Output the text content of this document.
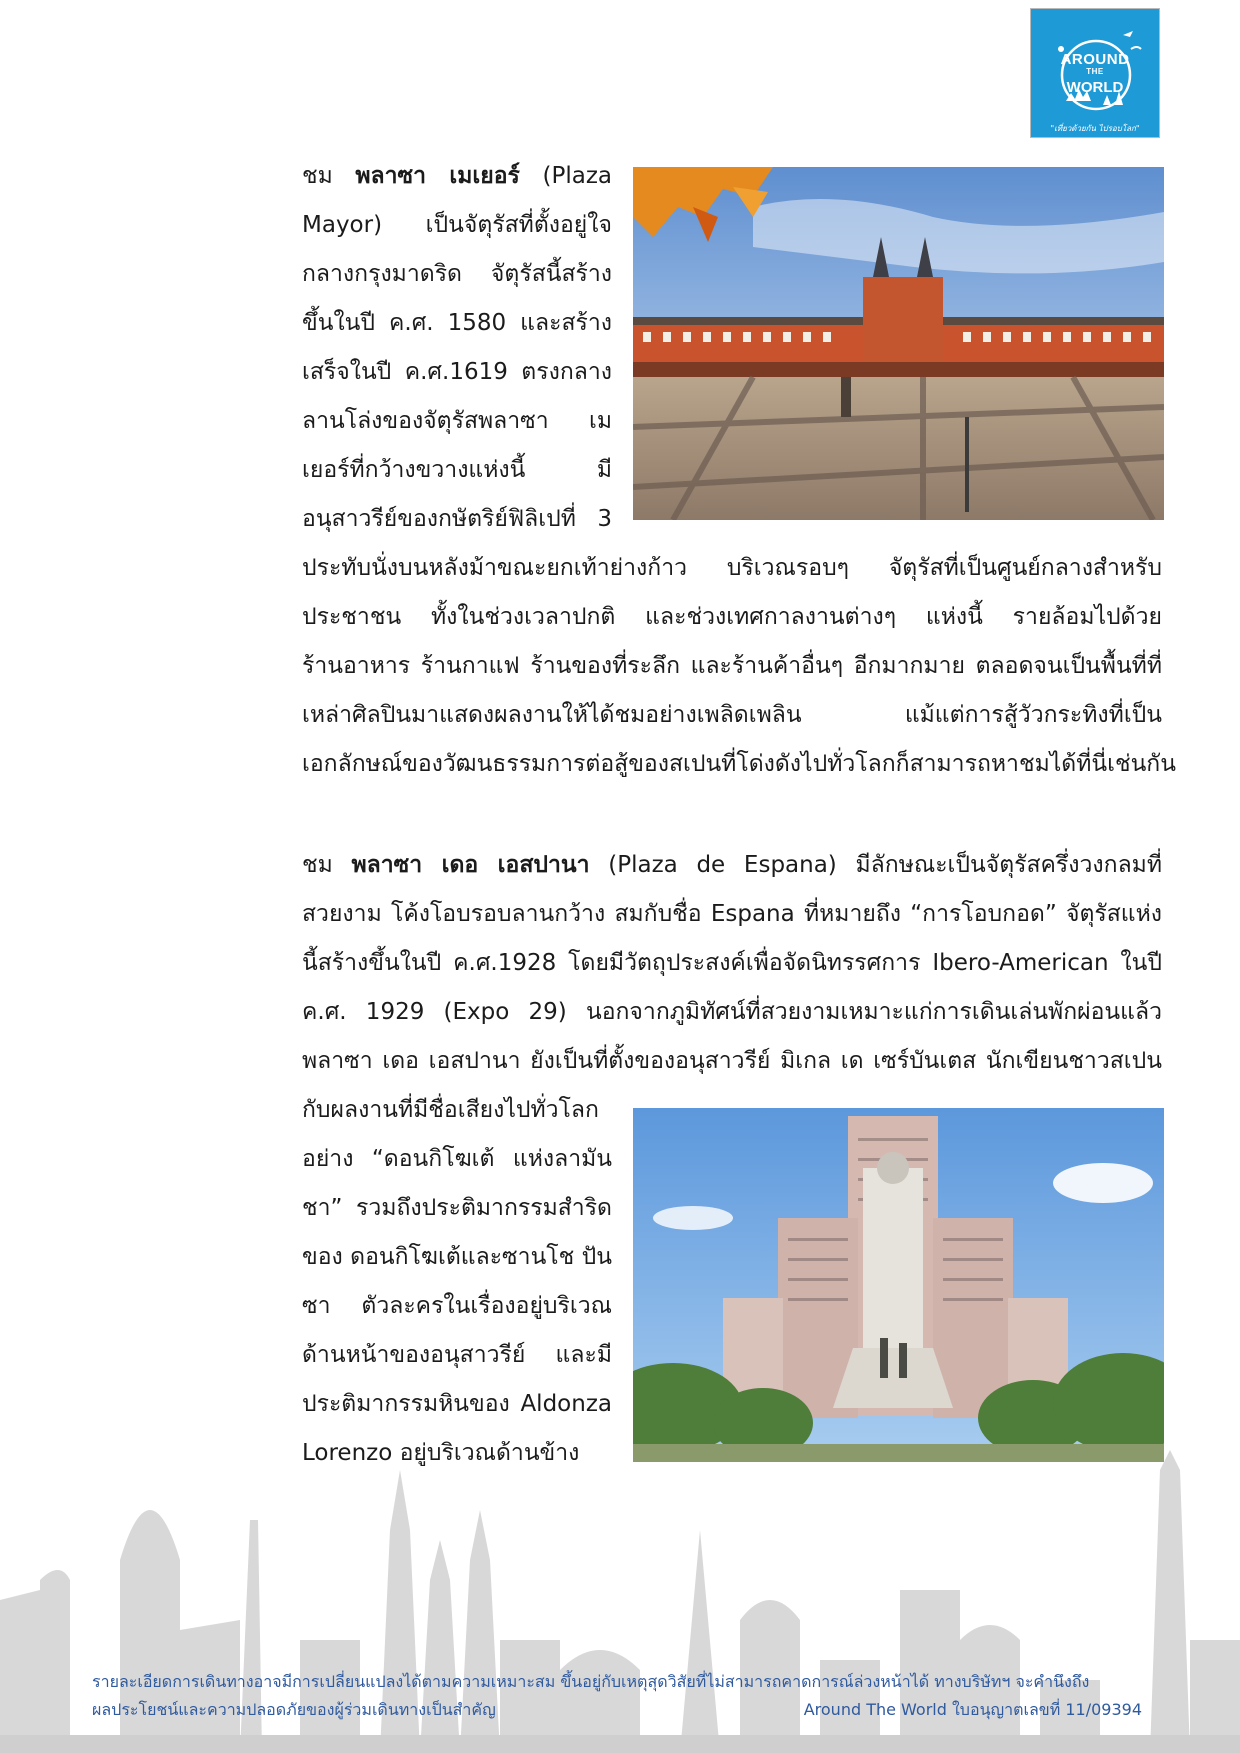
AROUND
THE
WORLD
"เที่ยวด้วยกัน ไปรอบโลก"
ชม พลาซา เมเยอร์ (Plaza
Mayor) เป็นจัตุรัสที่ตั้งอยู่ใจ
กลางกรุงมาดริด จัตุรัสนี้สร้าง
ขึ้นในปี ค.ศ. 1580 และสร้าง
เสร็จในปี ค.ศ.1619 ตรงกลาง
ลานโล่งของจัตุรัสพลาซา เม
เยอร์ที่กว้างขวางแห่งนี้ มี
อนุสาวรีย์ของกษัตริย์ฟิลิเปที่ 3
ประทับนั่งบนหลังม้าขณะยกเท้าย่างก้าว บริเวณรอบๆ จัตุรัสที่เป็นศูนย์กลางสำหรับ
ประชาชน ทั้งในช่วงเวลาปกติ และช่วงเทศกาลงานต่างๆ แห่งนี้ รายล้อมไปด้วย
ร้านอาหาร ร้านกาแฟ ร้านของที่ระลึก และร้านค้าอื่นๆ อีกมากมาย ตลอดจนเป็นพื้นที่ที่
เหล่าศิลปินมาแสดงผลงานให้ได้ชมอย่างเพลิดเพลิน แม้แต่การสู้วัวกระทิงที่เป็น
เอกลักษณ์ของวัฒนธรรมการต่อสู้ของสเปนที่โด่งดังไปทั่วโลกก็สามารถหาชมได้ที่นี่เช่นกัน
ชม พลาซา เดอ เอสปานา (Plaza de Espana) มีลักษณะเป็นจัตุรัสครึ่งวงกลมที่
สวยงาม โค้งโอบรอบลานกว้าง สมกับชื่อ Espana ที่หมายถึง “การโอบกอด” จัตุรัสแห่ง
นี้สร้างขึ้นในปี ค.ศ.1928 โดยมีวัตถุประสงค์เพื่อจัดนิทรรศการ Ibero-American ในปี
ค.ศ. 1929 (Expo 29) นอกจากภูมิทัศน์ที่สวยงามเหมาะแก่การเดินเล่นพักผ่อนแล้ว
พลาซา เดอ เอสปานา ยังเป็นที่ตั้งของอนุสาวรีย์ มิเกล เด เซร์บันเตส นักเขียนชาวสเปน
กับผลงานที่มีชื่อเสียงไปทั่วโลก
อย่าง “ดอนกิโฆเต้ แห่งลามัน
ชา” รวมถึงประติมากรรมสำริด
ของ ดอนกิโฆเต้และซานโช ปัน
ซา ตัวละครในเรื่องอยู่บริเวณ
ด้านหน้าของอนุสาวรีย์ และมี
ประติมากรรมหินของ Aldonza
Lorenzo อยู่บริเวณด้านข้าง
รายละเอียดการเดินทางอาจมีการเปลี่ยนแปลงได้ตามความเหมาะสม ขึ้นอยู่กับเหตุสุดวิสัยที่ไม่สามารถคาดการณ์ล่วงหน้าได้ ทางบริษัทฯ จะคำนึงถึง
ผลประโยชน์และความปลอดภัยของผู้ร่วมเดินทางเป็นสำคัญ	Around The World ใบอนุญาตเลขที่ 11/09394
